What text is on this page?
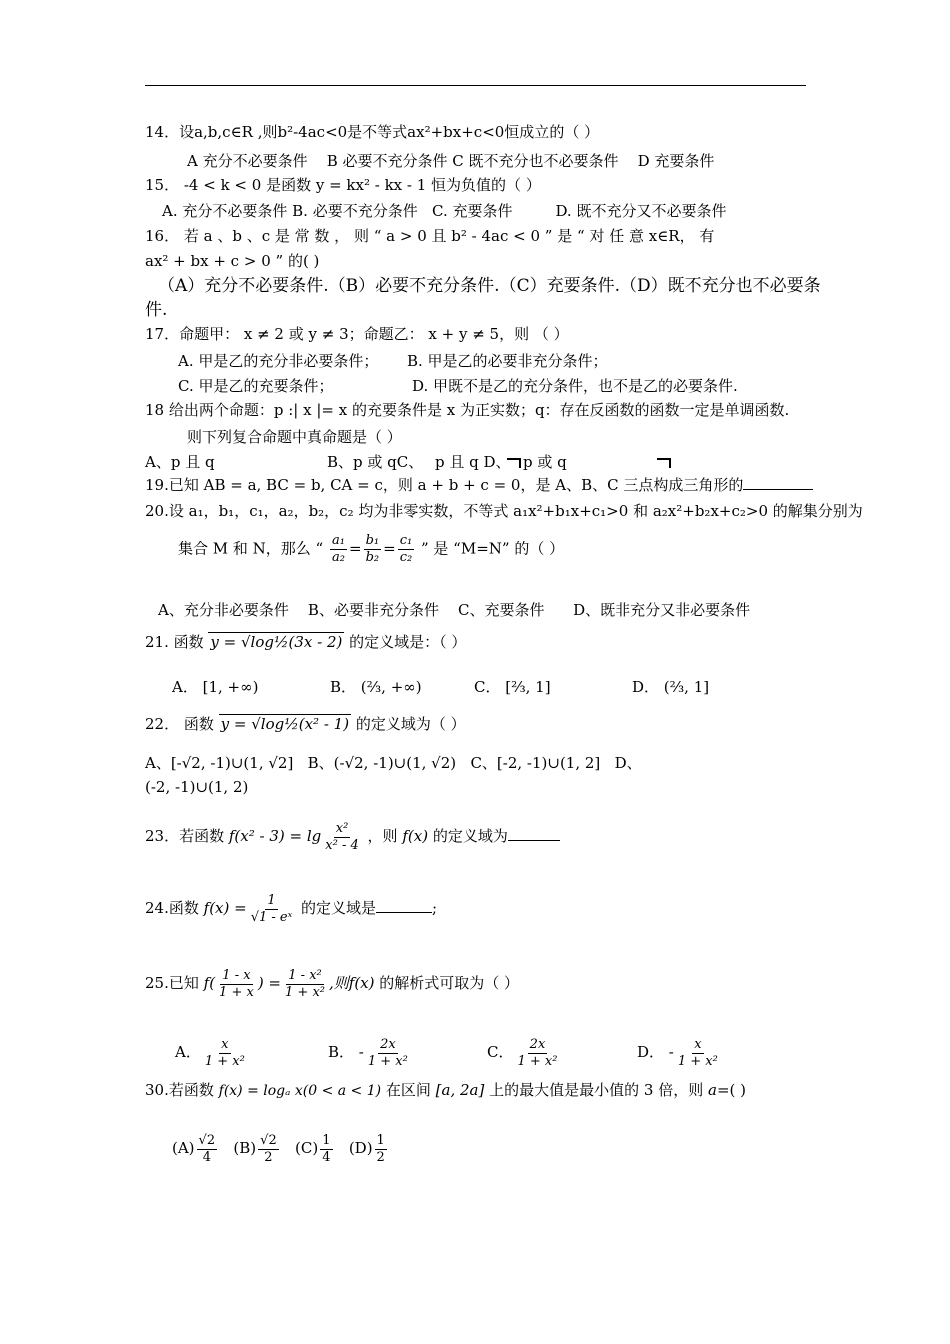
14．设a,b,c∈R ,则b²-4ac<0是不等式ax²+bx+c<0恒成立的（ ）
A 充分不必要条件 B 必要不充分条件 C 既不充分也不必要条件 D 充要条件
15． -4 < k < 0 是函数 y = kx² - kx - 1 恒为负值的（ ）
A. 充分不必要条件 B. 必要不充分条件 C. 充要条件	D. 既不充分又不必要条件
16． 若 a 、b 、c 是 常 数 ， 则 “ a > 0 且 b² - 4ac < 0 ” 是 “ 对 任 意 x∈R， 有
ax² + bx + c > 0 ” 的( )
（A）充分不必要条件.（B）必要不充分条件.（C）充要条件.（D）既不充分也不必要条
件.
17．命题甲： x ≠ 2 或 y ≠ 3；命题乙： x + y ≠ 5，则 （ ）
A. 甲是乙的充分非必要条件； B. 甲是乙的必要非充分条件；
C. 甲是乙的充要条件；	D. 甲既不是乙的充分条件，也不是乙的必要条件.
18 给出两个命题：p :| x |= x 的充要条件是 x 为正实数；q：存在反函数的函数一定是单调函数.
则下列复合命题中真命题是（ ）
A、p 且 q	B、p 或 qC、 p 且 q D、 p 或 q
19.已知 AB = a, BC = b, CA = c，则 a + b + c = 0，是 A、B、C 三点构成三角形的
20.设 a₁，b₁，c₁，a₂，b₂，c₂ 均为非零实数，不等式 a₁x²+b₁x+c₁>0 和 a₂x²+b₂x+c₂>0 的解集分别为
集合 M 和 N，那么 “ $\frac{\text{a₁}}{\text{a₂}} = \frac{\text{b₁}}{\text{b₂}} = \frac{\text{c₁}}{\text{c₂}}$ ” 是 “M=N” 的（ ）
A、充分非必要条件 B、必要非充分条件 C、充要条件 D、既非充分又非必要条件
21. 函数 y = √log½(3x - 2) 的定义域是：（ ）
A． [1, +∞)	B． (⅔, +∞)	C． [⅔, 1]	D． (⅔, 1]
22． 函数 y = √log½(x² - 1) 的定义域为（ ）
A、[-√2, -1)∪(1, √2] B、(-√2, -1)∪(1, √2) C、[-2, -1)∪(1, 2] D、
(-2, -1)∪(1, 2)
23．若函数 $f(x^2 - 3) = \lg \frac{\text{x²}}{\text{x² - 4}}$ ，则 f(x) 的定义域为
24.函数 $f(x) = \frac{1}{\text{√1 - eˣ}}$ 的定义域是	;
25.已知 $f( \frac{1 - x}{1 + x}$ ) = $\frac{\text{1 - x²}}{\text{1 + x²}}$ ,则f(x) 的解析式可取为（ ）
A． $\frac{x}{\text{1 + x²}}$	B． - $\frac{2x}{\text{1 + x²}}$	C． $\frac{2x}{\text{1 + x²}}$	D． - $\frac{x}{\text{1 + x²}}$
30.若函数 f(x) = logₐ x(0 < a < 1) 在区间 [a, 2a] 上的最大值是最小值的 3 倍，则 a=( )
$(A) \frac{√2}{4} (B) \frac{√2}{2} (C) \frac{1}{4} (D) \frac{1}{2}$
